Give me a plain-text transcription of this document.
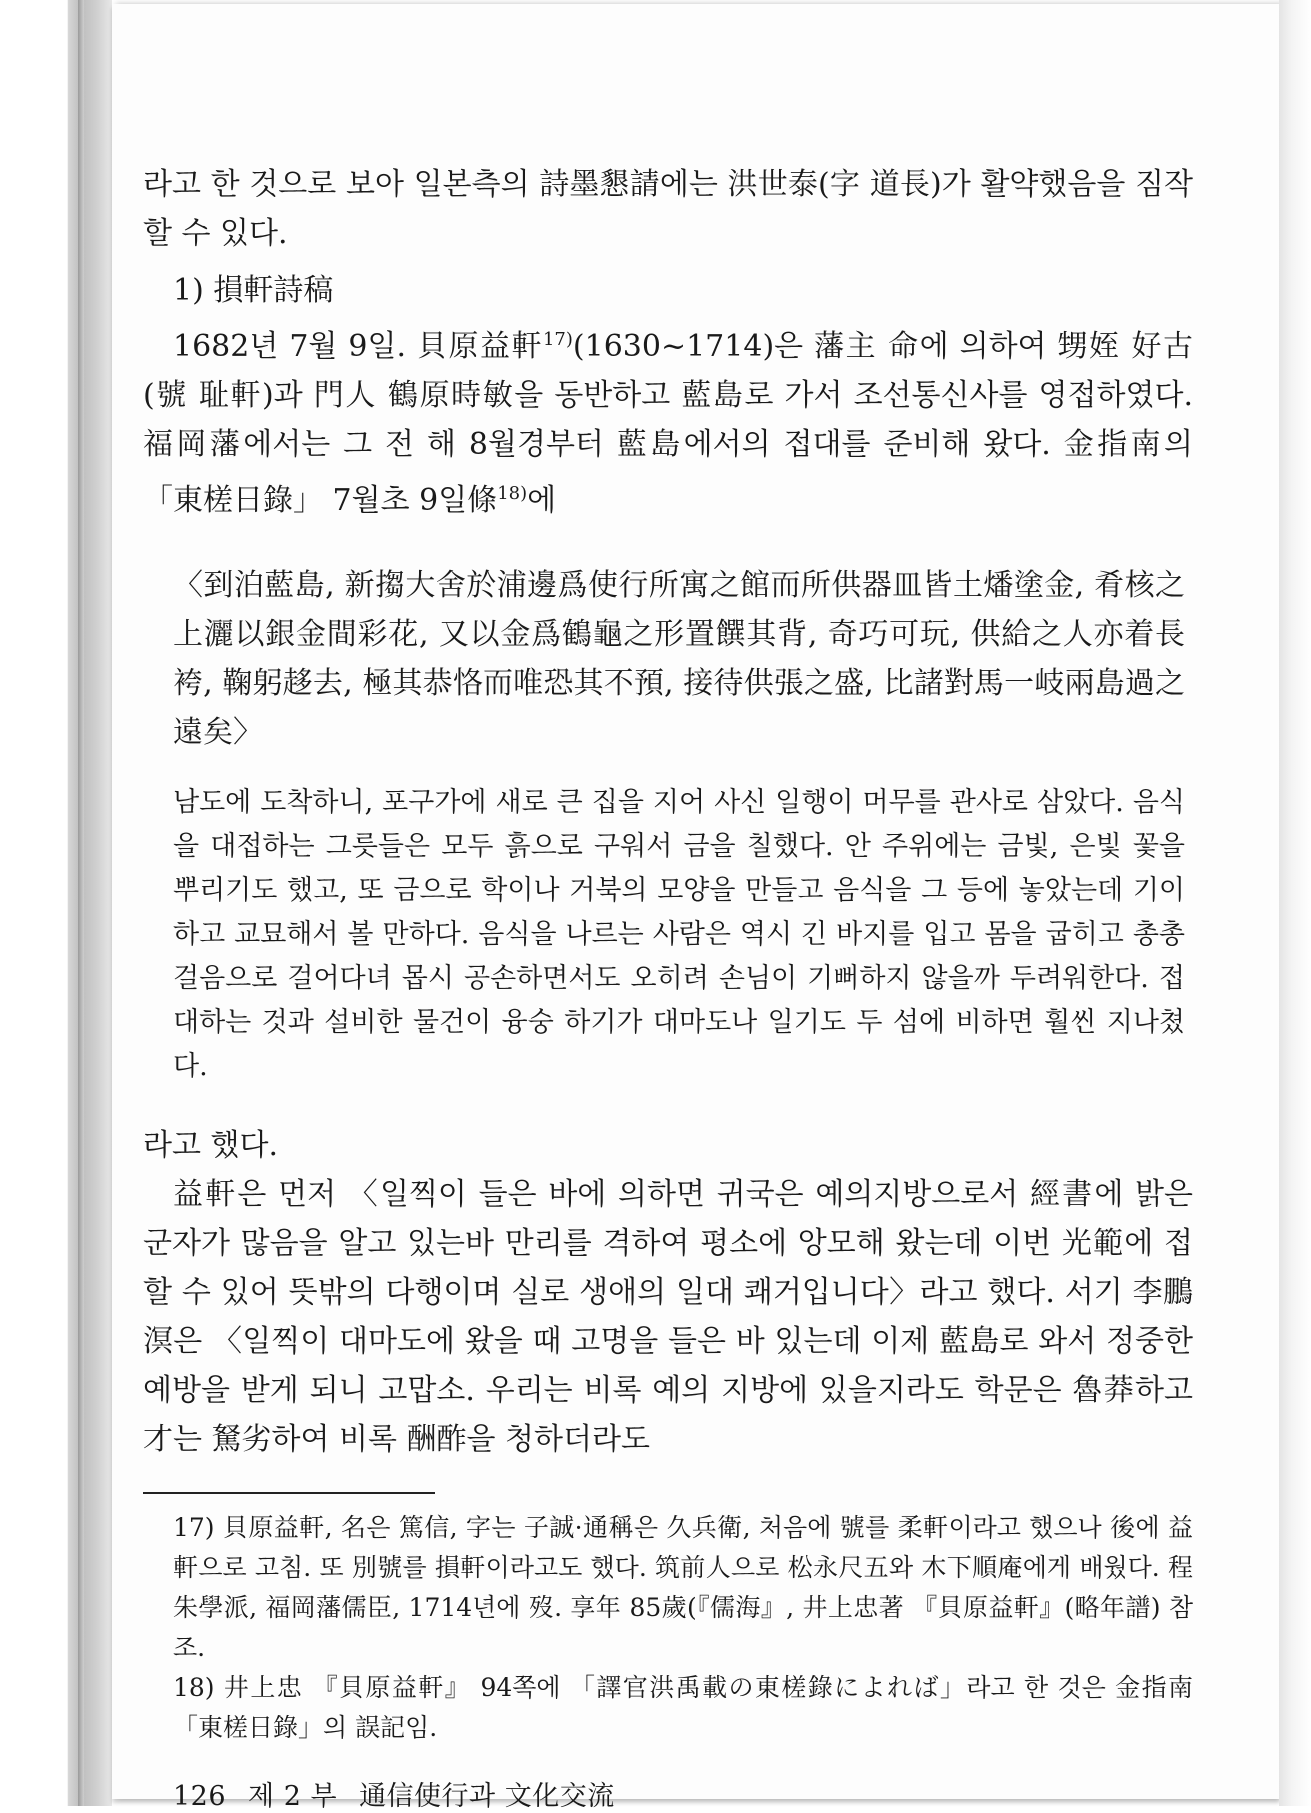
라고 한 것으로 보아 일본측의 詩墨懇請에는 洪世泰(字 道長)가 활약했음을 짐작할 수 있다.

1) 損軒詩稿

1682년 7월 9일. 貝原益軒$^{17)}$(1630~1714)은 藩主 命에 의하여 甥姪 好古(號 耻軒)과 門人 鶴原時敏을 동반하고 藍島로 가서 조선통신사를 영접하였다. 福岡藩에서는 그 전 해 8월경부터 藍島에서의 접대를 준비해 왔다. 金指南의 「東槎日錄」 7월초 9일條$^{18)}$에

〈到泊藍島, 新搊大舍於浦邊爲使行所寓之館而所供器皿皆土燔塗金, 肴核之上灑以銀金間彩花, 又以金爲鶴龜之形置饌其背, 奇巧可玩, 供給之人亦着長袴, 鞠躬趍去, 極其恭恪而唯恐其不預, 接待供張之盛, 比諸對馬一岐兩島過之遠矣〉

남도에 도착하니, 포구가에 새로 큰 집을 지어 사신 일행이 머무를 관사로 삼았다. 음식을 대접하는 그릇들은 모두 흙으로 구워서 금을 칠했다. 안 주위에는 금빛, 은빛 꽃을 뿌리기도 했고, 또 금으로 학이나 거북의 모양을 만들고 음식을 그 등에 놓았는데 기이하고 교묘해서 볼 만하다. 음식을 나르는 사람은 역시 긴 바지를 입고 몸을 굽히고 총총 걸음으로 걸어다녀 몹시 공손하면서도 오히려 손님이 기뻐하지 않을까 두려워한다. 접대하는 것과 설비한 물건이 융숭 하기가 대마도나 일기도 두 섬에 비하면 훨씬 지나쳤다.

라고 했다.

益軒은 먼저 〈일찍이 들은 바에 의하면 귀국은 예의지방으로서 經書에 밝은 군자가 많음을 알고 있는바 만리를 격하여 평소에 앙모해 왔는데 이번 光範에 접할 수 있어 뜻밖의 다행이며 실로 생애의 일대 쾌거입니다〉라고 했다. 서기 李鵬溟은 〈일찍이 대마도에 왔을 때 고명을 들은 바 있는데 이제 藍島로 와서 정중한 예방을 받게 되니 고맙소. 우리는 비록 예의 지방에 있을지라도 학문은 魯莽하고 才는 駑劣하여 비록 酬酢을 청하더라도

17) 貝原益軒, 名은 篤信, 字는 子誠·通稱은 久兵衛, 처음에 號를 柔軒이라고 했으나 後에 益軒으로 고침. 또 別號를 損軒이라고도 했다. 筑前人으로 松永尺五와 木下順庵에게 배웠다. 程朱學派, 福岡藩儒臣, 1714년에 歿. 享年 85歲(『儒海』, 井上忠著 『貝原益軒』(略年譜) 참조.

18) 井上忠 『貝原益軒』 94쪽에 「譯官洪禹載の東槎錄によれば」라고 한 것은 金指南 「東槎日錄」의 誤記임.

126 제 2 부 通信使行과 文化交流
